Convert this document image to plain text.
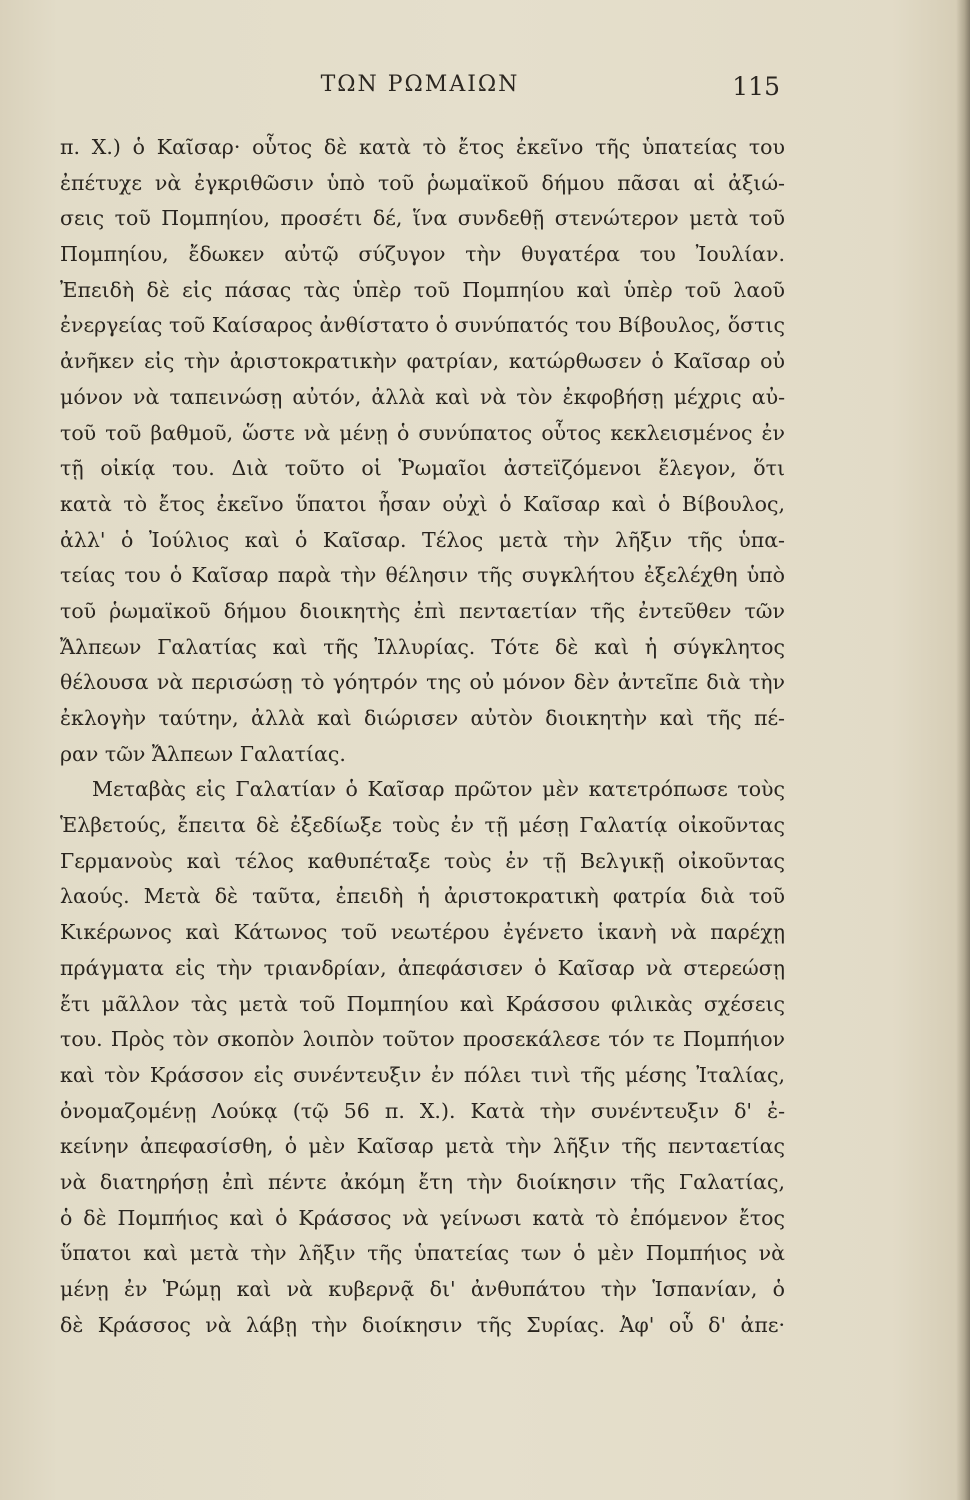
ΤΩΝ ΡΩΜΑΙΩΝ	115
π. Χ.) ὁ Καῖσαρ· οὗτος δὲ κατὰ τὸ ἔτος ἐκεῖνο τῆς ὑπατείας του
ἐπέτυχε νὰ ἐγκριθῶσιν ὑπὸ τοῦ ῥωμαϊκοῦ δήμου πᾶσαι αἱ ἀξιώ-
σεις τοῦ Πομπηίου, προσέτι δέ, ἵνα συνδεθῇ στενώτερον μετὰ τοῦ
Πομπηίου, ἔδωκεν αὐτῷ σύζυγον τὴν θυγατέρα του Ἰουλίαν.
Ἐπειδὴ δὲ εἰς πάσας τὰς ὑπὲρ τοῦ Πομπηίου καὶ ὑπὲρ τοῦ λαοῦ
ἐνεργείας τοῦ Καίσαρος ἀνθίστατο ὁ συνύπατός του Βίβουλος, ὅστις
ἀνῆκεν εἰς τὴν ἀριστοκρατικὴν φατρίαν, κατώρθωσεν ὁ Καῖσαρ οὐ
μόνον νὰ ταπεινώσῃ αὐτόν, ἀλλὰ καὶ νὰ τὸν ἐκφοβήσῃ μέχρις αὐ-
τοῦ τοῦ βαθμοῦ, ὥστε νὰ μένῃ ὁ συνύπατος οὗτος κεκλεισμένος ἐν
τῇ οἰκίᾳ του. Διὰ τοῦτο οἱ Ῥωμαῖοι ἀστεϊζόμενοι ἔλεγον, ὅτι
κατὰ τὸ ἔτος ἐκεῖνο ὕπατοι ἦσαν οὐχὶ ὁ Καῖσαρ καὶ ὁ Βίβουλος,
ἀλλ' ὁ Ἰούλιος καὶ ὁ Καῖσαρ. Τέλος μετὰ τὴν λῆξιν τῆς ὑπα-
τείας του ὁ Καῖσαρ παρὰ τὴν θέλησιν τῆς συγκλήτου ἐξελέχθη ὑπὸ
τοῦ ῥωμαϊκοῦ δήμου διοικητὴς ἐπὶ πενταετίαν τῆς ἐντεῦθεν τῶν
Ἄλπεων Γαλατίας καὶ τῆς Ἰλλυρίας. Τότε δὲ καὶ ἡ σύγκλητος
θέλουσα νὰ περισώσῃ τὸ γόητρόν της οὐ μόνον δὲν ἀντεῖπε διὰ τὴν
ἐκλογὴν ταύτην, ἀλλὰ καὶ διώρισεν αὐτὸν διοικητὴν καὶ τῆς πέ-
ραν τῶν Ἄλπεων Γαλατίας.
Μεταβὰς εἰς Γαλατίαν ὁ Καῖσαρ πρῶτον μὲν κατετρόπωσε τοὺς
Ἑλβετούς, ἔπειτα δὲ ἐξεδίωξε τοὺς ἐν τῇ μέσῃ Γαλατίᾳ οἰκοῦντας
Γερμανοὺς καὶ τέλος καθυπέταξε τοὺς ἐν τῇ Βελγικῇ οἰκοῦντας
λαούς. Μετὰ δὲ ταῦτα, ἐπειδὴ ἡ ἀριστοκρατικὴ φατρία διὰ τοῦ
Κικέρωνος καὶ Κάτωνος τοῦ νεωτέρου ἐγένετο ἱκανὴ νὰ παρέχῃ
πράγματα εἰς τὴν τριανδρίαν, ἀπεφάσισεν ὁ Καῖσαρ νὰ στερεώσῃ
ἔτι μᾶλλον τὰς μετὰ τοῦ Πομπηίου καὶ Κράσσου φιλικὰς σχέσεις
του. Πρὸς τὸν σκοπὸν λοιπὸν τοῦτον προσεκάλεσε τόν τε Πομπήιον
καὶ τὸν Κράσσον εἰς συνέντευξιν ἐν πόλει τινὶ τῆς μέσης Ἰταλίας,
ὀνομαζομένῃ Λούκᾳ (τῷ 56 π. Χ.). Κατὰ τὴν συνέντευξιν δ' ἐ-
κείνην ἀπεφασίσθη, ὁ μὲν Καῖσαρ μετὰ τὴν λῆξιν τῆς πενταετίας
νὰ διατηρήσῃ ἐπὶ πέντε ἀκόμη ἔτη τὴν διοίκησιν τῆς Γαλατίας,
ὁ δὲ Πομπήιος καὶ ὁ Κράσσος νὰ γείνωσι κατὰ τὸ ἐπόμενον ἔτος
ὕπατοι καὶ μετὰ τὴν λῆξιν τῆς ὑπατείας των ὁ μὲν Πομπήιος νὰ
μένῃ ἐν Ῥώμῃ καὶ νὰ κυβερνᾷ δι' ἀνθυπάτου τὴν Ἱσπανίαν, ὁ
δὲ Κράσσος νὰ λάβῃ τὴν διοίκησιν τῆς Συρίας. Ἀφ' οὗ δ' ἀπε·
